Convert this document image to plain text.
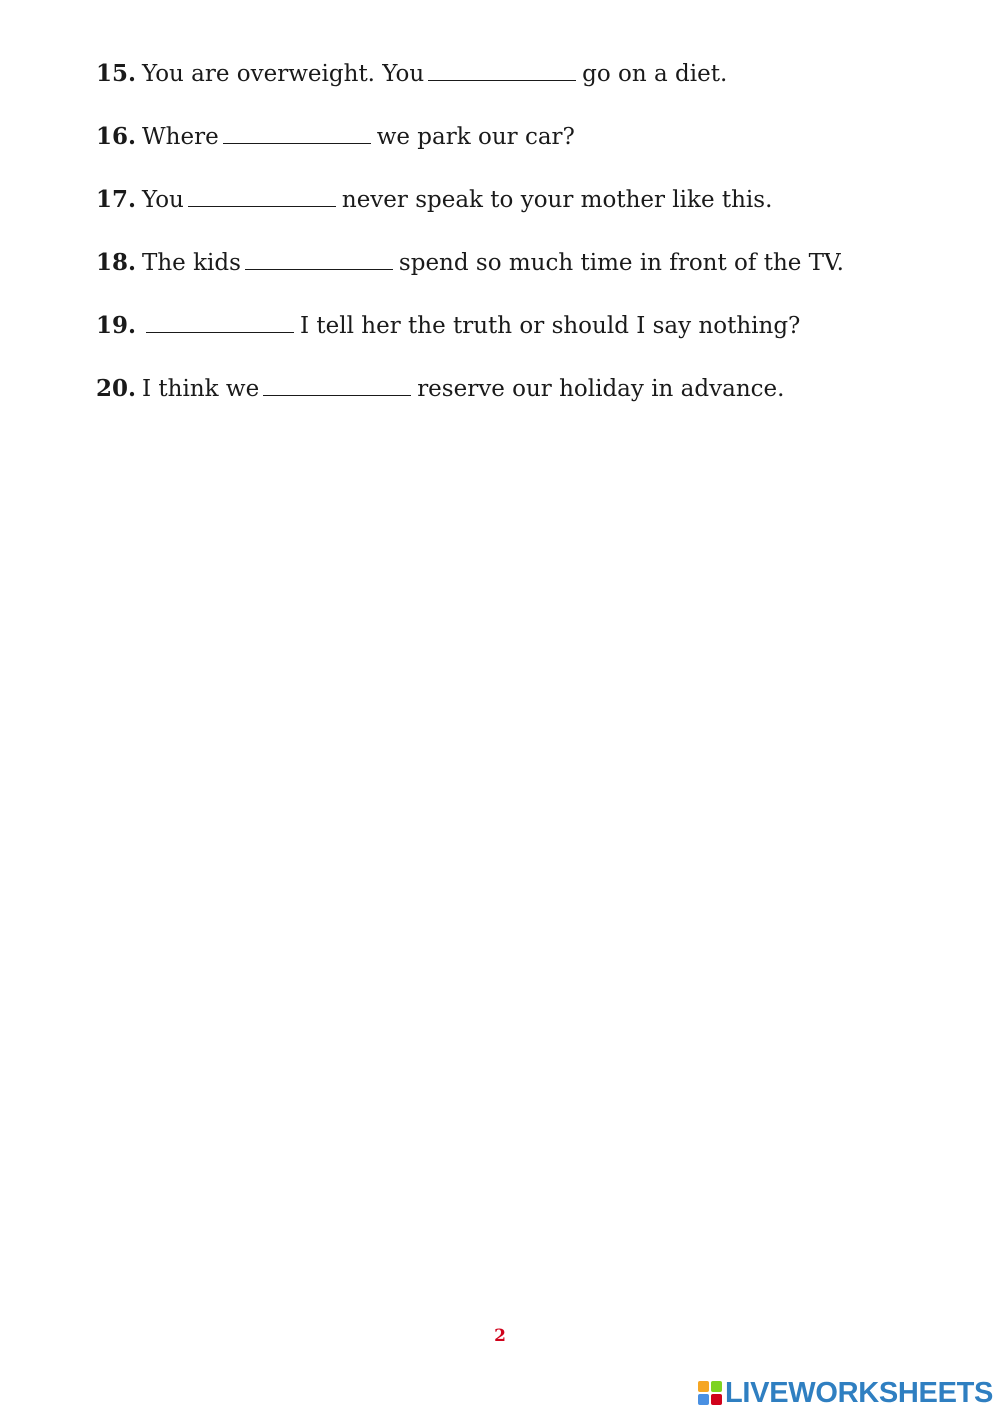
15. You are overweight. You	go on a diet.
16. Where	we park our car?
17. You	never speak to your mother like this.
18. The kids	spend so much time in front of the TV.
19.	I tell her the truth or should I say nothing?
20. I think we	reserve our holiday in advance.
2
LIVEWORKSHEETS
